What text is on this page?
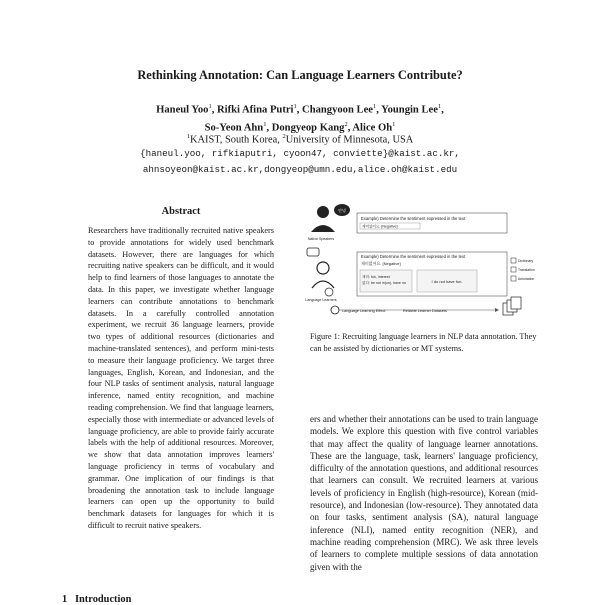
Rethinking Annotation: Can Language Learners Contribute?
Haneul Yoo$^1$, Rifki Afina Putri$^1$, Changyoon Lee$^1$, Youngin Lee$^1$,
So-Yeon Ahn$^1$, Dongyeop Kang$^2$, Alice Oh$^1$
$^1$KAIST, South Korea, $^2$University of Minnesota, USA
{haneul.yoo, rifkiaputri, cyoon47, conviette}@kaist.ac.kr,
ahnsoyeon@kaist.ac.kr,dongyeop@umn.edu,alice.oh@kaist.edu
Abstract
Researchers have traditionally recruited native speakers to provide annotations for widely used benchmark datasets. However, there are languages for which recruiting native speakers can be difficult, and it would help to find learners of those languages to annotate the data. In this paper, we investigate whether language learners can contribute annotations to benchmark datasets. In a carefully controlled annotation experiment, we recruit 36 language learners, provide two types of additional resources (dictionaries and machine-translated sentences), and perform mini-tests to measure their language proficiency. We target three languages, English, Korean, and Indonesian, and the four NLP tasks of sentiment analysis, natural language inference, named entity recognition, and machine reading comprehension. We find that language learners, especially those with intermediate or advanced levels of language proficiency, are able to provide fairly accurate labels with the help of additional resources. Moreover, we show that data annotation improves learners' language proficiency in terms of vocabulary and grammar. One implication of our findings is that broadening the annotation task to include language learners can open up the opportunity to build benchmark datasets for languages for which it is difficult to recruit native speakers.
1   Introduction
안녕
Native Speakers
Example) Determine the sentiment expressed in the text
재미없어요. [Negative]
Language Learners
Example) Determine the sentiment expressed in the text
재미없어요. [Negative]
재미: fun, interest
없다: be not in(on), have no	I do not have fun.
Dictionary
Translation
Annotation
Language Learning Effect	Reliable Learner Datasets
Figure 1: Recruiting language learners in NLP data annotation. They can be assisted by dictionaries or MT systems.
ers and whether their annotations can be used to train language models. We explore this question with five control variables that may affect the quality of language learner annotations. These are the language, task, learners' language proficiency, difficulty of the annotation questions, and additional resources that learners can consult. We recruited learners at various levels of proficiency in English (high-resource), Korean (mid-resource), and Indonesian (low-resource). They annotated data on four tasks, sentiment analysis (SA), natural language inference (NLI), named entity recognition (NER), and machine reading comprehension (MRC). We ask three levels of learners to complete multiple sessions of data annotation given with the
